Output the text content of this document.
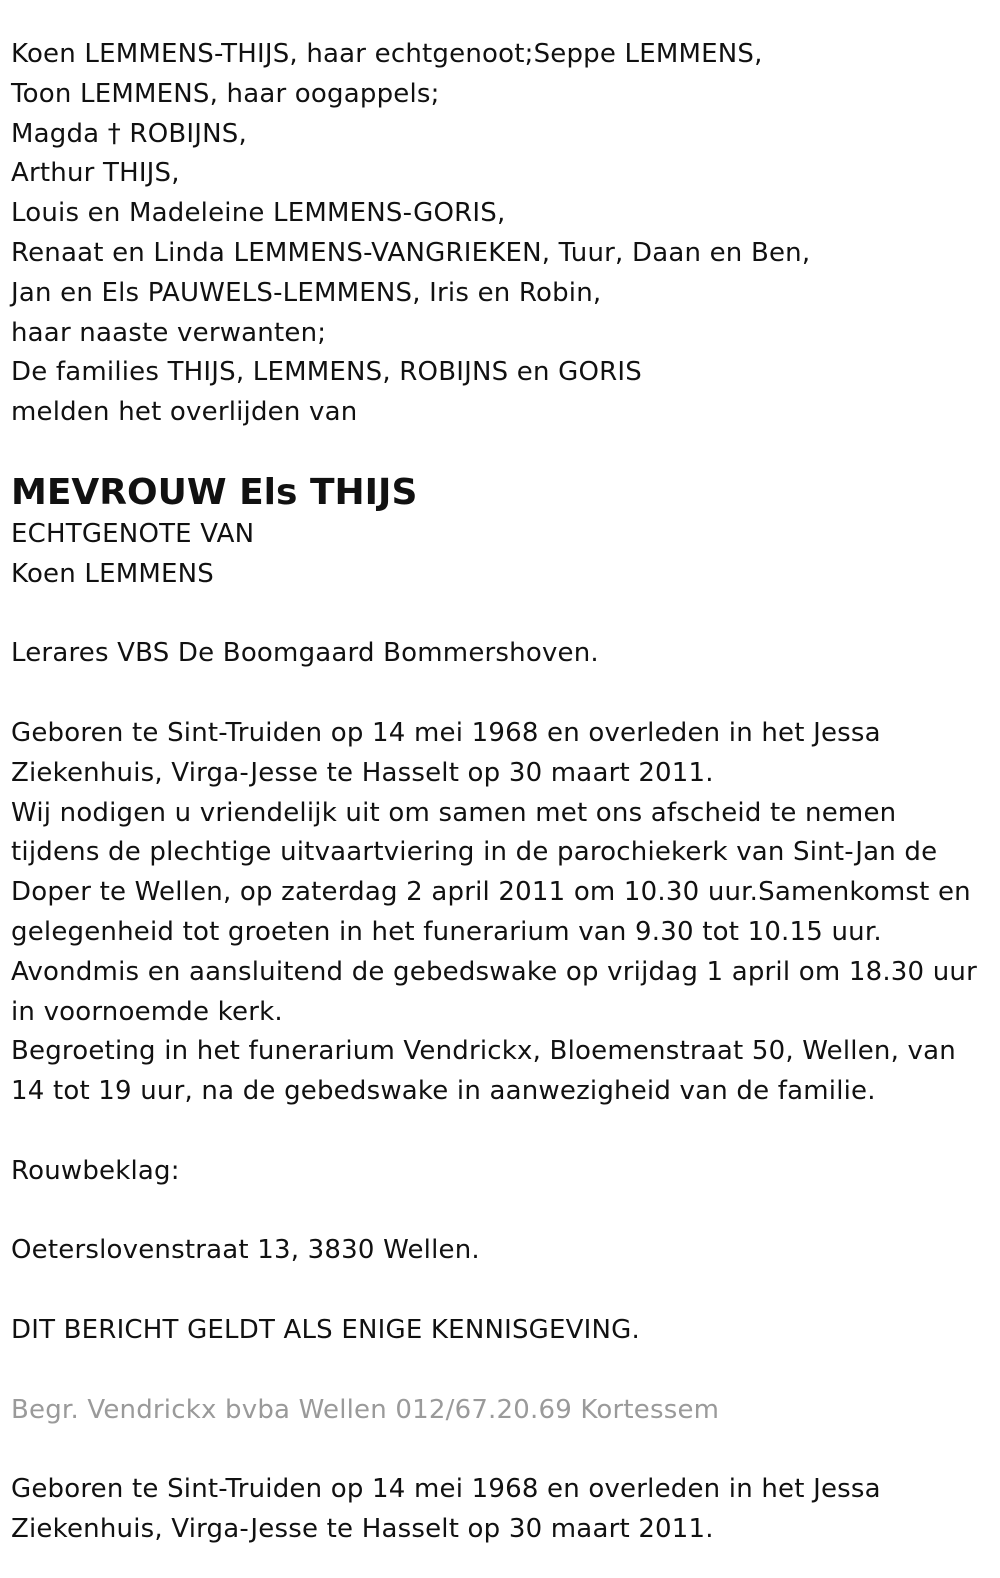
Koen LEMMENS-THIJS, haar echtgenoot;Seppe LEMMENS,
Toon LEMMENS, haar oogappels;
Magda † ROBIJNS,
Arthur THIJS,
Louis en Madeleine LEMMENS-GORIS,
Renaat en Linda LEMMENS-VANGRIEKEN, Tuur, Daan en Ben,
Jan en Els PAUWELS-LEMMENS, Iris en Robin,
haar naaste verwanten;
De families THIJS, LEMMENS, ROBIJNS en GORIS
melden het overlijden van
MEVROUW Els THIJS
ECHTGENOTE VAN
Koen LEMMENS
Lerares VBS De Boomgaard Bommershoven.
Geboren te Sint-Truiden op 14 mei 1968 en overleden in het Jessa
Ziekenhuis, Virga-Jesse te Hasselt op 30 maart 2011.
Wij nodigen u vriendelijk uit om samen met ons afscheid te nemen
tijdens de plechtige uitvaartviering in de parochiekerk van Sint-Jan de
Doper te Wellen, op zaterdag 2 april 2011 om 10.30 uur.Samenkomst en
gelegenheid tot groeten in het funerarium van 9.30 tot 10.15 uur.
Avondmis en aansluitend de gebedswake op vrijdag 1 april om 18.30 uur
in voornoemde kerk.
Begroeting in het funerarium Vendrickx, Bloemenstraat 50, Wellen, van
14 tot 19 uur, na de gebedswake in aanwezigheid van de familie.
Rouwbeklag:
Oeterslovenstraat 13, 3830 Wellen.
DIT BERICHT GELDT ALS ENIGE KENNISGEVING.
Begr. Vendrickx bvba Wellen 012/67.20.69 Kortessem
Geboren te Sint-Truiden op 14 mei 1968 en overleden in het Jessa
Ziekenhuis, Virga-Jesse te Hasselt op 30 maart 2011.
